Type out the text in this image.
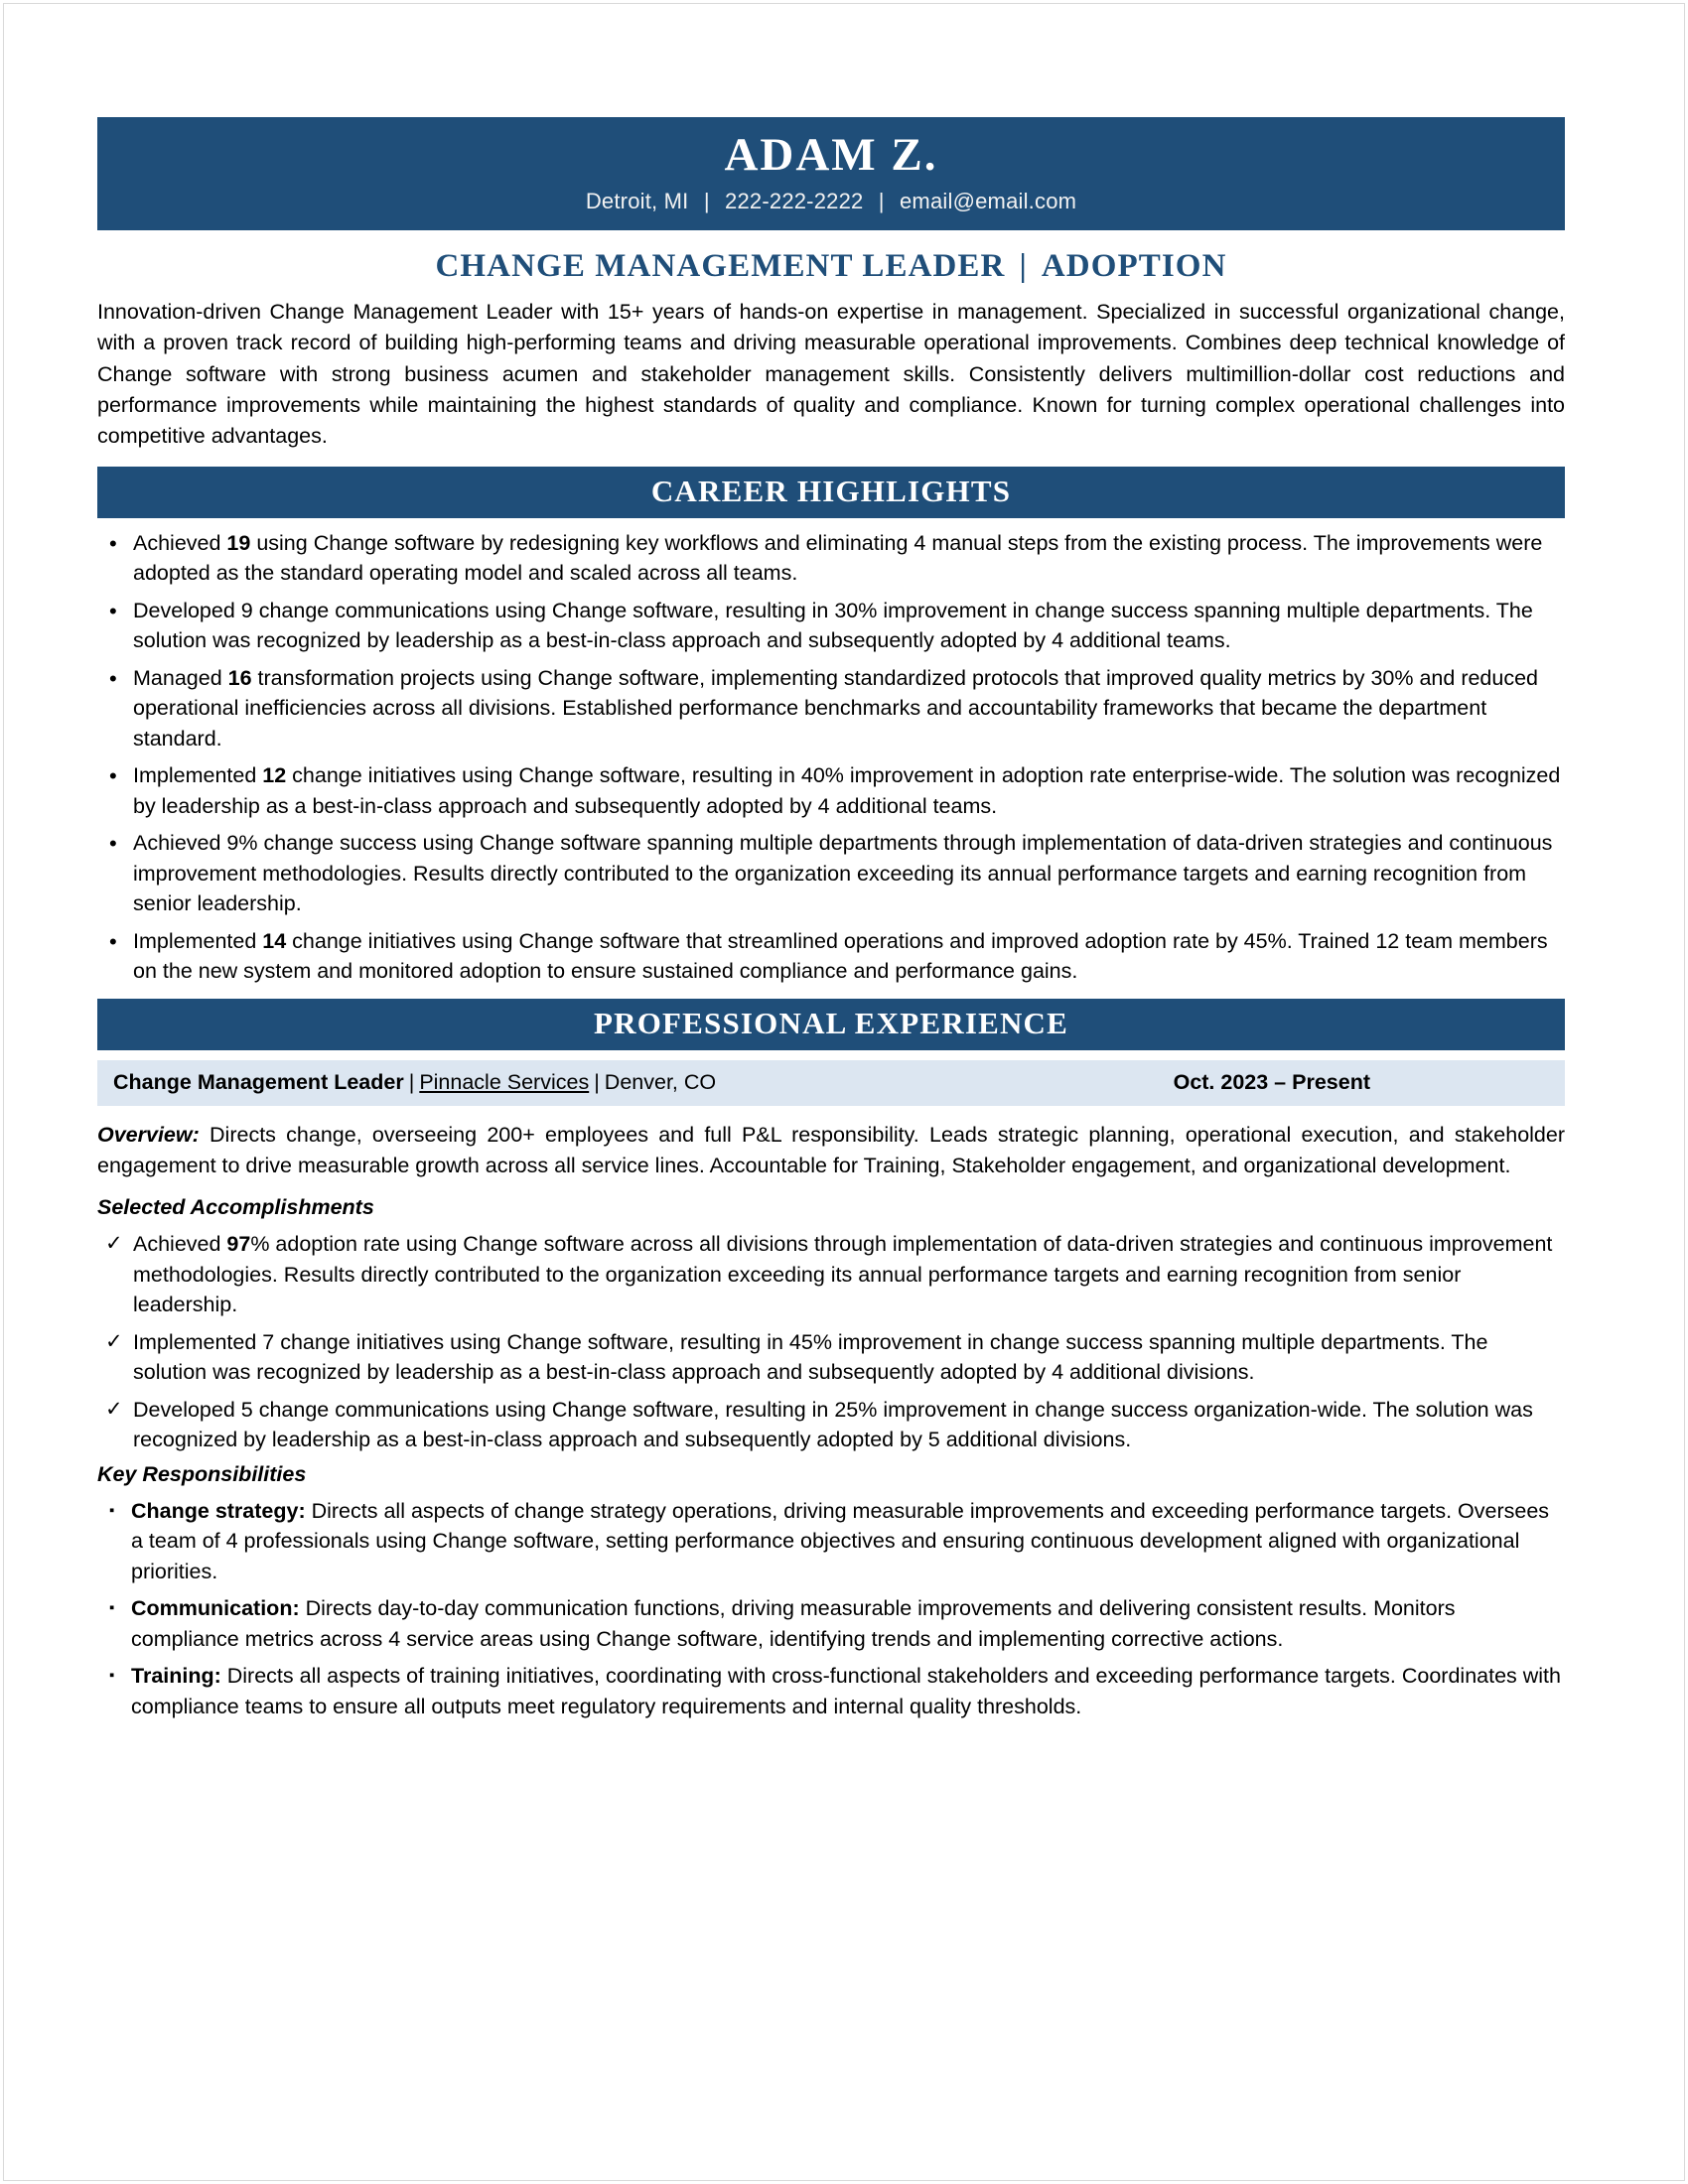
ADAM Z.
Detroit, MI | 222-222-2222 | email@email.com
CHANGE MANAGEMENT LEADER | ADOPTION
Innovation-driven Change Management Leader with 15+ years of hands-on expertise in management. Specialized in successful organizational change, with a proven track record of building high-performing teams and driving measurable operational improvements. Combines deep technical knowledge of Change software with strong business acumen and stakeholder management skills. Consistently delivers multimillion-dollar cost reductions and performance improvements while maintaining the highest standards of quality and compliance. Known for turning complex operational challenges into competitive advantages.
CAREER HIGHLIGHTS
• Achieved 19 using Change software by redesigning key workflows and eliminating 4 manual steps from the existing process. The improvements were adopted as the standard operating model and scaled across all teams.
• Developed 9 change communications using Change software, resulting in 30% improvement in change success spanning multiple departments. The solution was recognized by leadership as a best-in-class approach and subsequently adopted by 4 additional teams.
• Managed 16 transformation projects using Change software, implementing standardized protocols that improved quality metrics by 30% and reduced operational inefficiencies across all divisions. Established performance benchmarks and accountability frameworks that became the department standard.
• Implemented 12 change initiatives using Change software, resulting in 40% improvement in adoption rate enterprise-wide. The solution was recognized by leadership as a best-in-class approach and subsequently adopted by 4 additional teams.
• Achieved 9% change success using Change software spanning multiple departments through implementation of data-driven strategies and continuous improvement methodologies. Results directly contributed to the organization exceeding its annual performance targets and earning recognition from senior leadership.
• Implemented 14 change initiatives using Change software that streamlined operations and improved adoption rate by 45%. Trained 12 team members on the new system and monitored adoption to ensure sustained compliance and performance gains.
PROFESSIONAL EXPERIENCE
Change Management Leader | Pinnacle Services | Denver, CO	Oct. 2023 – Present
Overview: Directs change, overseeing 200+ employees and full P&L responsibility. Leads strategic planning, operational execution, and stakeholder engagement to drive measurable growth across all service lines. Accountable for Training, Stakeholder engagement, and organizational development.
Selected Accomplishments
✓ Achieved 97% adoption rate using Change software across all divisions through implementation of data-driven strategies and continuous improvement methodologies. Results directly contributed to the organization exceeding its annual performance targets and earning recognition from senior leadership.
✓ Implemented 7 change initiatives using Change software, resulting in 45% improvement in change success spanning multiple departments. The solution was recognized by leadership as a best-in-class approach and subsequently adopted by 4 additional divisions.
✓ Developed 5 change communications using Change software, resulting in 25% improvement in change success organization-wide. The solution was recognized by leadership as a best-in-class approach and subsequently adopted by 5 additional divisions.
Key Responsibilities
▪ Change strategy: Directs all aspects of change strategy operations, driving measurable improvements and exceeding performance targets. Oversees a team of 4 professionals using Change software, setting performance objectives and ensuring continuous development aligned with organizational priorities.
▪ Communication: Directs day-to-day communication functions, driving measurable improvements and delivering consistent results. Monitors compliance metrics across 4 service areas using Change software, identifying trends and implementing corrective actions.
▪ Training: Directs all aspects of training initiatives, coordinating with cross-functional stakeholders and exceeding performance targets. Coordinates with compliance teams to ensure all outputs meet regulatory requirements and internal quality thresholds.
